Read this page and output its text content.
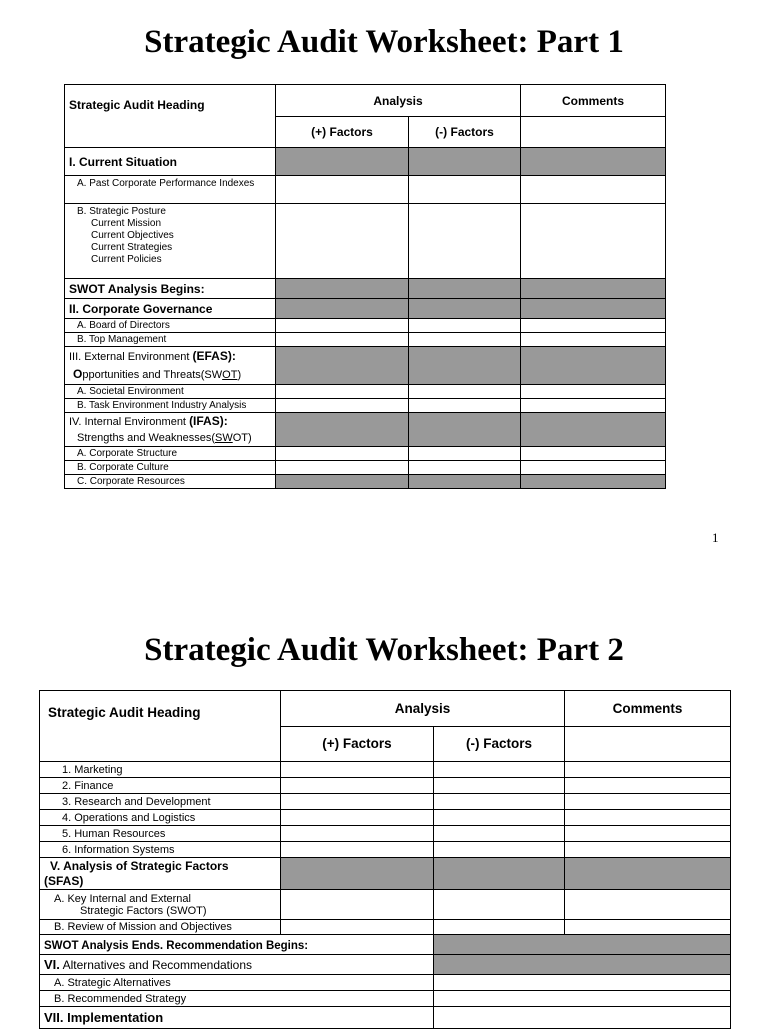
Strategic Audit Worksheet: Part 1
Strategic Audit Heading	Analysis		Comments
	(+) Factors	(-) Factors	
I. Current Situation			
A. Past Corporate Performance Indexes			

B. Strategic Posture
Current Mission
Current Objectives
Current Strategies
Current Policies			

SWOT Analysis Begins:			
II. Corporate Governance			
A. Board of Directors			
B. Top Management			

III. External Environment (EFAS):
Opportunities and Threats(SWOT)			

A. Societal Environment			
B. Task Environment Industry Analysis			

IV. Internal Environment (IFAS):
Strengths and Weaknesses(SWOT)			

A. Corporate Structure			
B. Corporate Culture			
C. Corporate Resources			
1
Strategic Audit Worksheet: Part 2
Strategic Audit Heading	Analysis		Comments
	(+) Factors	(-) Factors	
1. Marketing			
2. Finance			
3. Research and Development			
4. Operations and Logistics			
5. Human Resources			
6. Information Systems			

V. Analysis of Strategic Factors
(SFAS)			

A. Key Internal and External
Strategic Factors (SWOT)			

B. Review of Mission and Objectives			
SWOT Analysis Ends. Recommendation Begins:			
VI. Alternatives and Recommendations			
A. Strategic Alternatives			
B. Recommended Strategy			
VII. Implementation			
